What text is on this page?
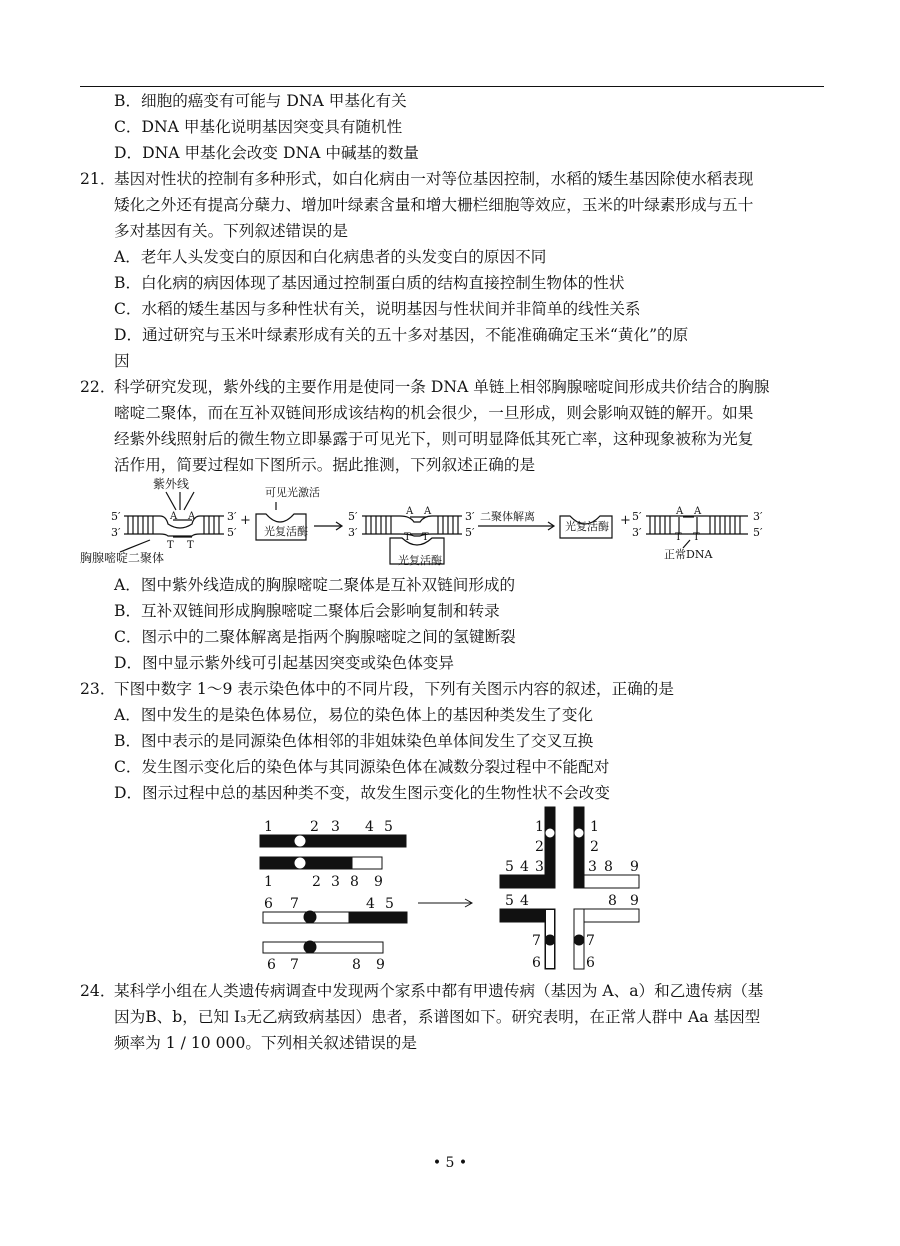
B．细胞的癌变有可能与 DNA 甲基化有关
C．DNA 甲基化说明基因突变具有随机性
D．DNA 甲基化会改变 DNA 中碱基的数量
21．基因对性状的控制有多种形式，如白化病由一对等位基因控制，水稻的矮生基因除使水稻表现
矮化之外还有提高分蘖力、增加叶绿素含量和增大栅栏细胞等效应，玉米的叶绿素形成与五十
多对基因有关。下列叙述错误的是
A．老年人头发变白的原因和白化病患者的头发变白的原因不同
B．白化病的病因体现了基因通过控制蛋白质的结构直接控制生物体的性状
C．水稻的矮生基因与多种性状有关，说明基因与性状间并非简单的线性关系
D．通过研究与玉米叶绿素形成有关的五十多对基因，不能准确确定玉米“黄化”的原
因
22．科学研究发现，紫外线的主要作用是使同一条 DNA 单链上相邻胸腺嘧啶间形成共价结合的胸腺
嘧啶二聚体，而在互补双链间形成该结构的机会很少，一旦形成，则会影响双链的解开。如果
经紫外线照射后的微生物立即暴露于可见光下，则可明显降低其死亡率，这种现象被称为光复
活作用，简要过程如下图所示。据此推测，下列叙述正确的是
紫外线
5′
3′
3′
5′
胸腺嘧啶二聚体
A A
T T
+
可见光激活
光复活酶
5′
3′
3′
5′
A A
T T
光复活酶
二聚体解离
光复活酶 + 5′
3′
3′
5′
A A
T T
正常DNA
A．图中紫外线造成的胸腺嘧啶二聚体是互补双链间形成的
B．互补双链间形成胸腺嘧啶二聚体后会影响复制和转录
C．图示中的二聚体解离是指两个胸腺嘧啶之间的氢键断裂
D．图中显示紫外线可引起基因突变或染色体变异
23．下图中数字 1～9 表示染色体中的不同片段，下列有关图示内容的叙述，正确的是
A．图中发生的是染色体易位，易位的染色体上的基因种类发生了变化
B．图中表示的是同源染色体相邻的非姐妹染色单体间发生了交叉互换
C．发生图示变化后的染色体与其同源染色体在减数分裂过程中不能配对
D．图示过程中总的基因种类不变，故发生图示变化的生物性状不会改变
1	2 3 4 5
1	2 3 8 9
6 7	4 5
6 7	8 9
1
2
5 4 3
1
2
3 8 9
5 4
7
6
8 9
7
6
24．某科学小组在人类遗传病调查中发现两个家系中都有甲遗传病（基因为 A、a）和乙遗传病（基
因为B、b，已知 Ⅰ₃无乙病致病基因）患者，系谱图如下。研究表明，在正常人群中 Aa 基因型
频率为 1 / 10 000。下列相关叙述错误的是
• 5 •
